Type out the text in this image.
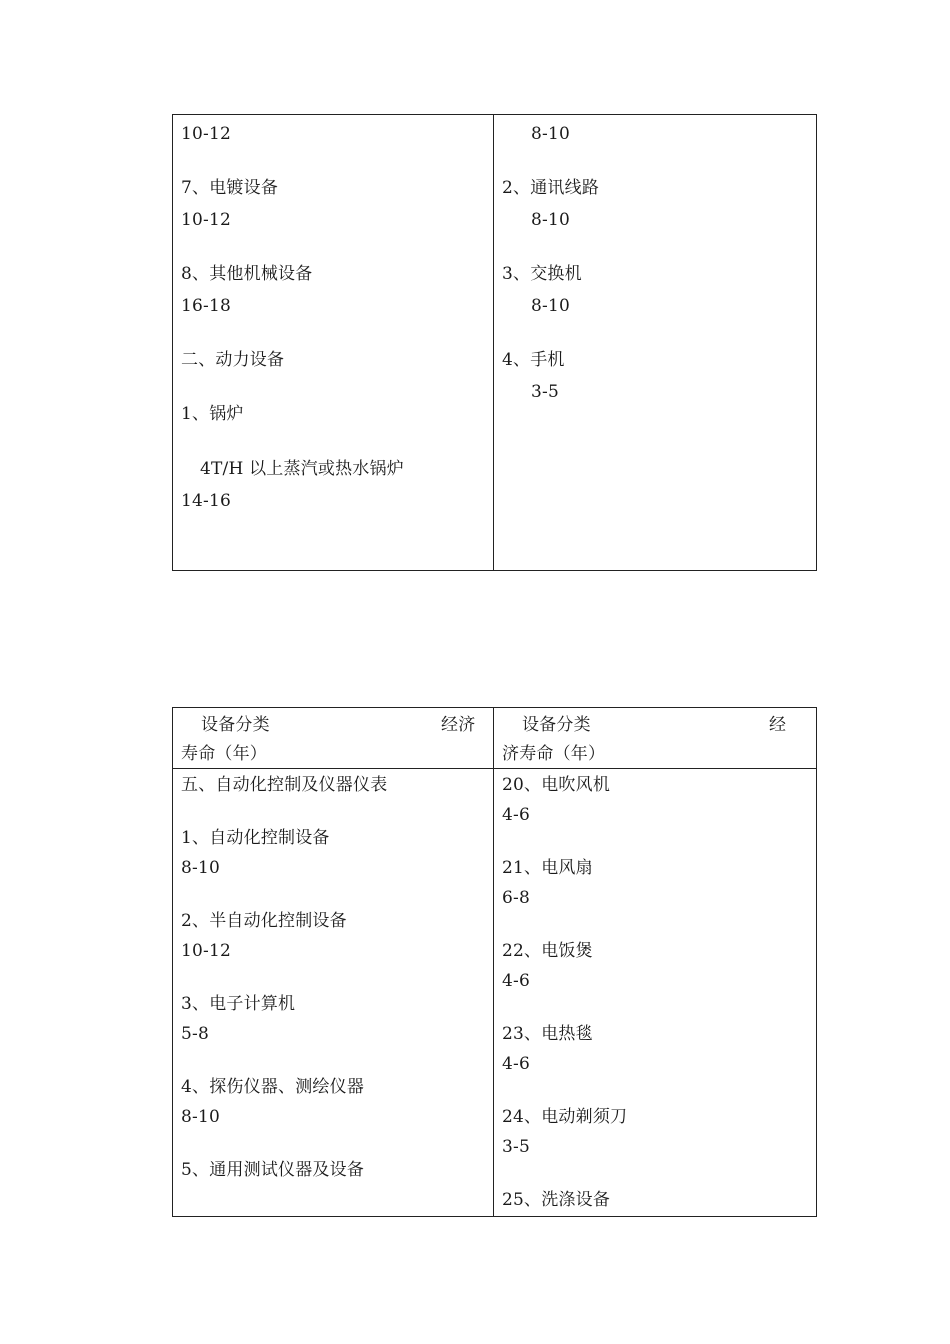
10-12
7、电镀设备
10-12
8、其他机械设备
16-18
二、动力设备
1、锅炉
4T/H 以上蒸汽或热水锅炉
14-16
8-10
2、通讯线路
8-10
3、交换机
8-10
4、手机
3-5
设备分类	经济
寿命（年）
设备分类	经
济寿命（年）
五、自动化控制及仪器仪表
1、自动化控制设备
8-10
2、半自动化控制设备
10-12
3、电子计算机
5-8
4、探伤仪器、测绘仪器
8-10
5、通用测试仪器及设备
20、电吹风机
4-6
21、电风扇
6-8
22、电饭煲
4-6
23、电热毯
4-6
24、电动剃须刀
3-5
25、洗涤设备
